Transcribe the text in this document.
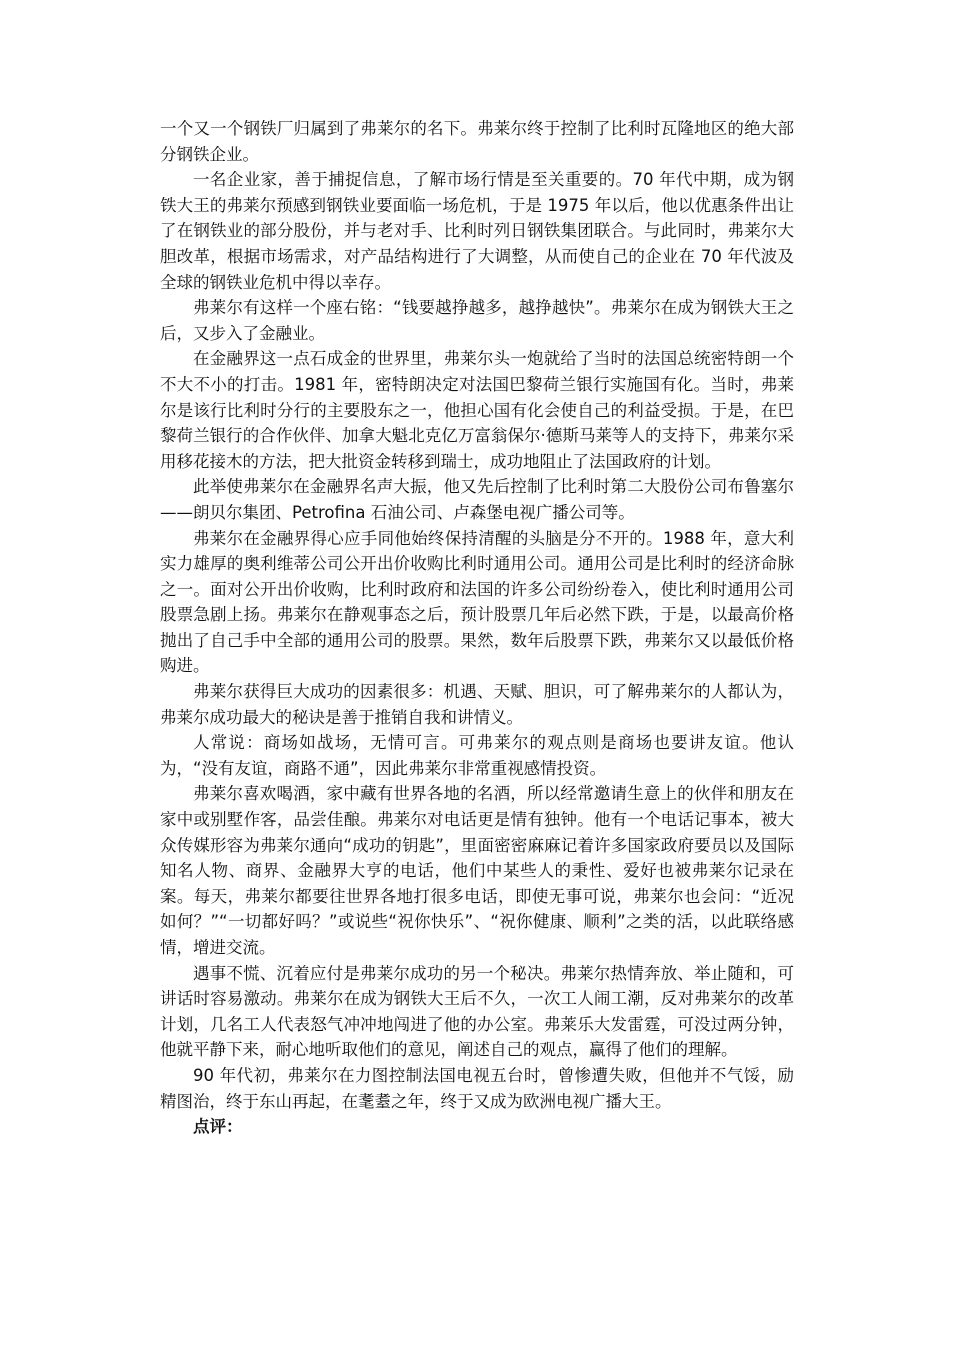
一个又一个钢铁厂归属到了弗莱尔的名下。弗莱尔终于控制了比利时瓦隆地区的绝大部分钢铁企业。

一名企业家，善于捕捉信息，了解市场行情是至关重要的。70 年代中期，成为钢铁大王的弗莱尔预感到钢铁业要面临一场危机，于是 1975 年以后，他以优惠条件出让了在钢铁业的部分股份，并与老对手、比利时列日钢铁集团联合。与此同时，弗莱尔大胆改革，根据市场需求，对产品结构进行了大调整，从而使自己的企业在 70 年代波及全球的钢铁业危机中得以幸存。

弗莱尔有这样一个座右铭：“钱要越挣越多，越挣越快”。弗莱尔在成为钢铁大王之后，又步入了金融业。

在金融界这一点石成金的世界里，弗莱尔头一炮就给了当时的法国总统密特朗一个不大不小的打击。1981 年，密特朗决定对法国巴黎荷兰银行实施国有化。当时，弗莱尔是该行比利时分行的主要股东之一，他担心国有化会使自己的利益受损。于是，在巴黎荷兰银行的合作伙伴、加拿大魁北克亿万富翁保尔·德斯马莱等人的支持下，弗莱尔采用移花接木的方法，把大批资金转移到瑞士，成功地阻止了法国政府的计划。

此举使弗莱尔在金融界名声大振，他又先后控制了比利时第二大股份公司布鲁塞尔——朗贝尔集团、Petrofina 石油公司、卢森堡电视广播公司等。

弗莱尔在金融界得心应手同他始终保持清醒的头脑是分不开的。1988 年，意大利实力雄厚的奥利维蒂公司公开出价收购比利时通用公司。通用公司是比利时的经济命脉之一。面对公开出价收购，比利时政府和法国的许多公司纷纷卷入，使比利时通用公司股票急剧上扬。弗莱尔在静观事态之后，预计股票几年后必然下跌，于是，以最高价格抛出了自己手中全部的通用公司的股票。果然，数年后股票下跌，弗莱尔又以最低价格购进。

弗莱尔获得巨大成功的因素很多：机遇、天赋、胆识，可了解弗莱尔的人都认为，弗莱尔成功最大的秘诀是善于推销自我和讲情义。

人常说：商场如战场，无情可言。可弗莱尔的观点则是商场也要讲友谊。他认为，“没有友谊，商路不通”，因此弗莱尔非常重视感情投资。

弗莱尔喜欢喝酒，家中藏有世界各地的名酒，所以经常邀请生意上的伙伴和朋友在家中或别墅作客，品尝佳酿。弗莱尔对电话更是情有独钟。他有一个电话记事本，被大众传媒形容为弗莱尔通向“成功的钥匙”，里面密密麻麻记着许多国家政府要员以及国际知名人物、商界、金融界大亨的电话，他们中某些人的秉性、爱好也被弗莱尔记录在案。每天，弗莱尔都要往世界各地打很多电话，即使无事可说，弗莱尔也会问：“近况如何？”“一切都好吗？”或说些“祝你快乐”、“祝你健康、顺利”之类的活，以此联络感情，增进交流。

遇事不慌、沉着应付是弗莱尔成功的另一个秘决。弗莱尔热情奔放、举止随和，可讲话时容易激动。弗莱尔在成为钢铁大王后不久，一次工人闹工潮，反对弗莱尔的改革计划，几名工人代表怒气冲冲地闯进了他的办公室。弗莱乐大发雷霆，可没过两分钟，他就平静下来，耐心地听取他们的意见，阐述自己的观点，赢得了他们的理解。

90 年代初，弗莱尔在力图控制法国电视五台时，曾惨遭失败，但他并不气馁，励精图治，终于东山再起，在耄耋之年，终于又成为欧洲电视广播大王。

点评：
